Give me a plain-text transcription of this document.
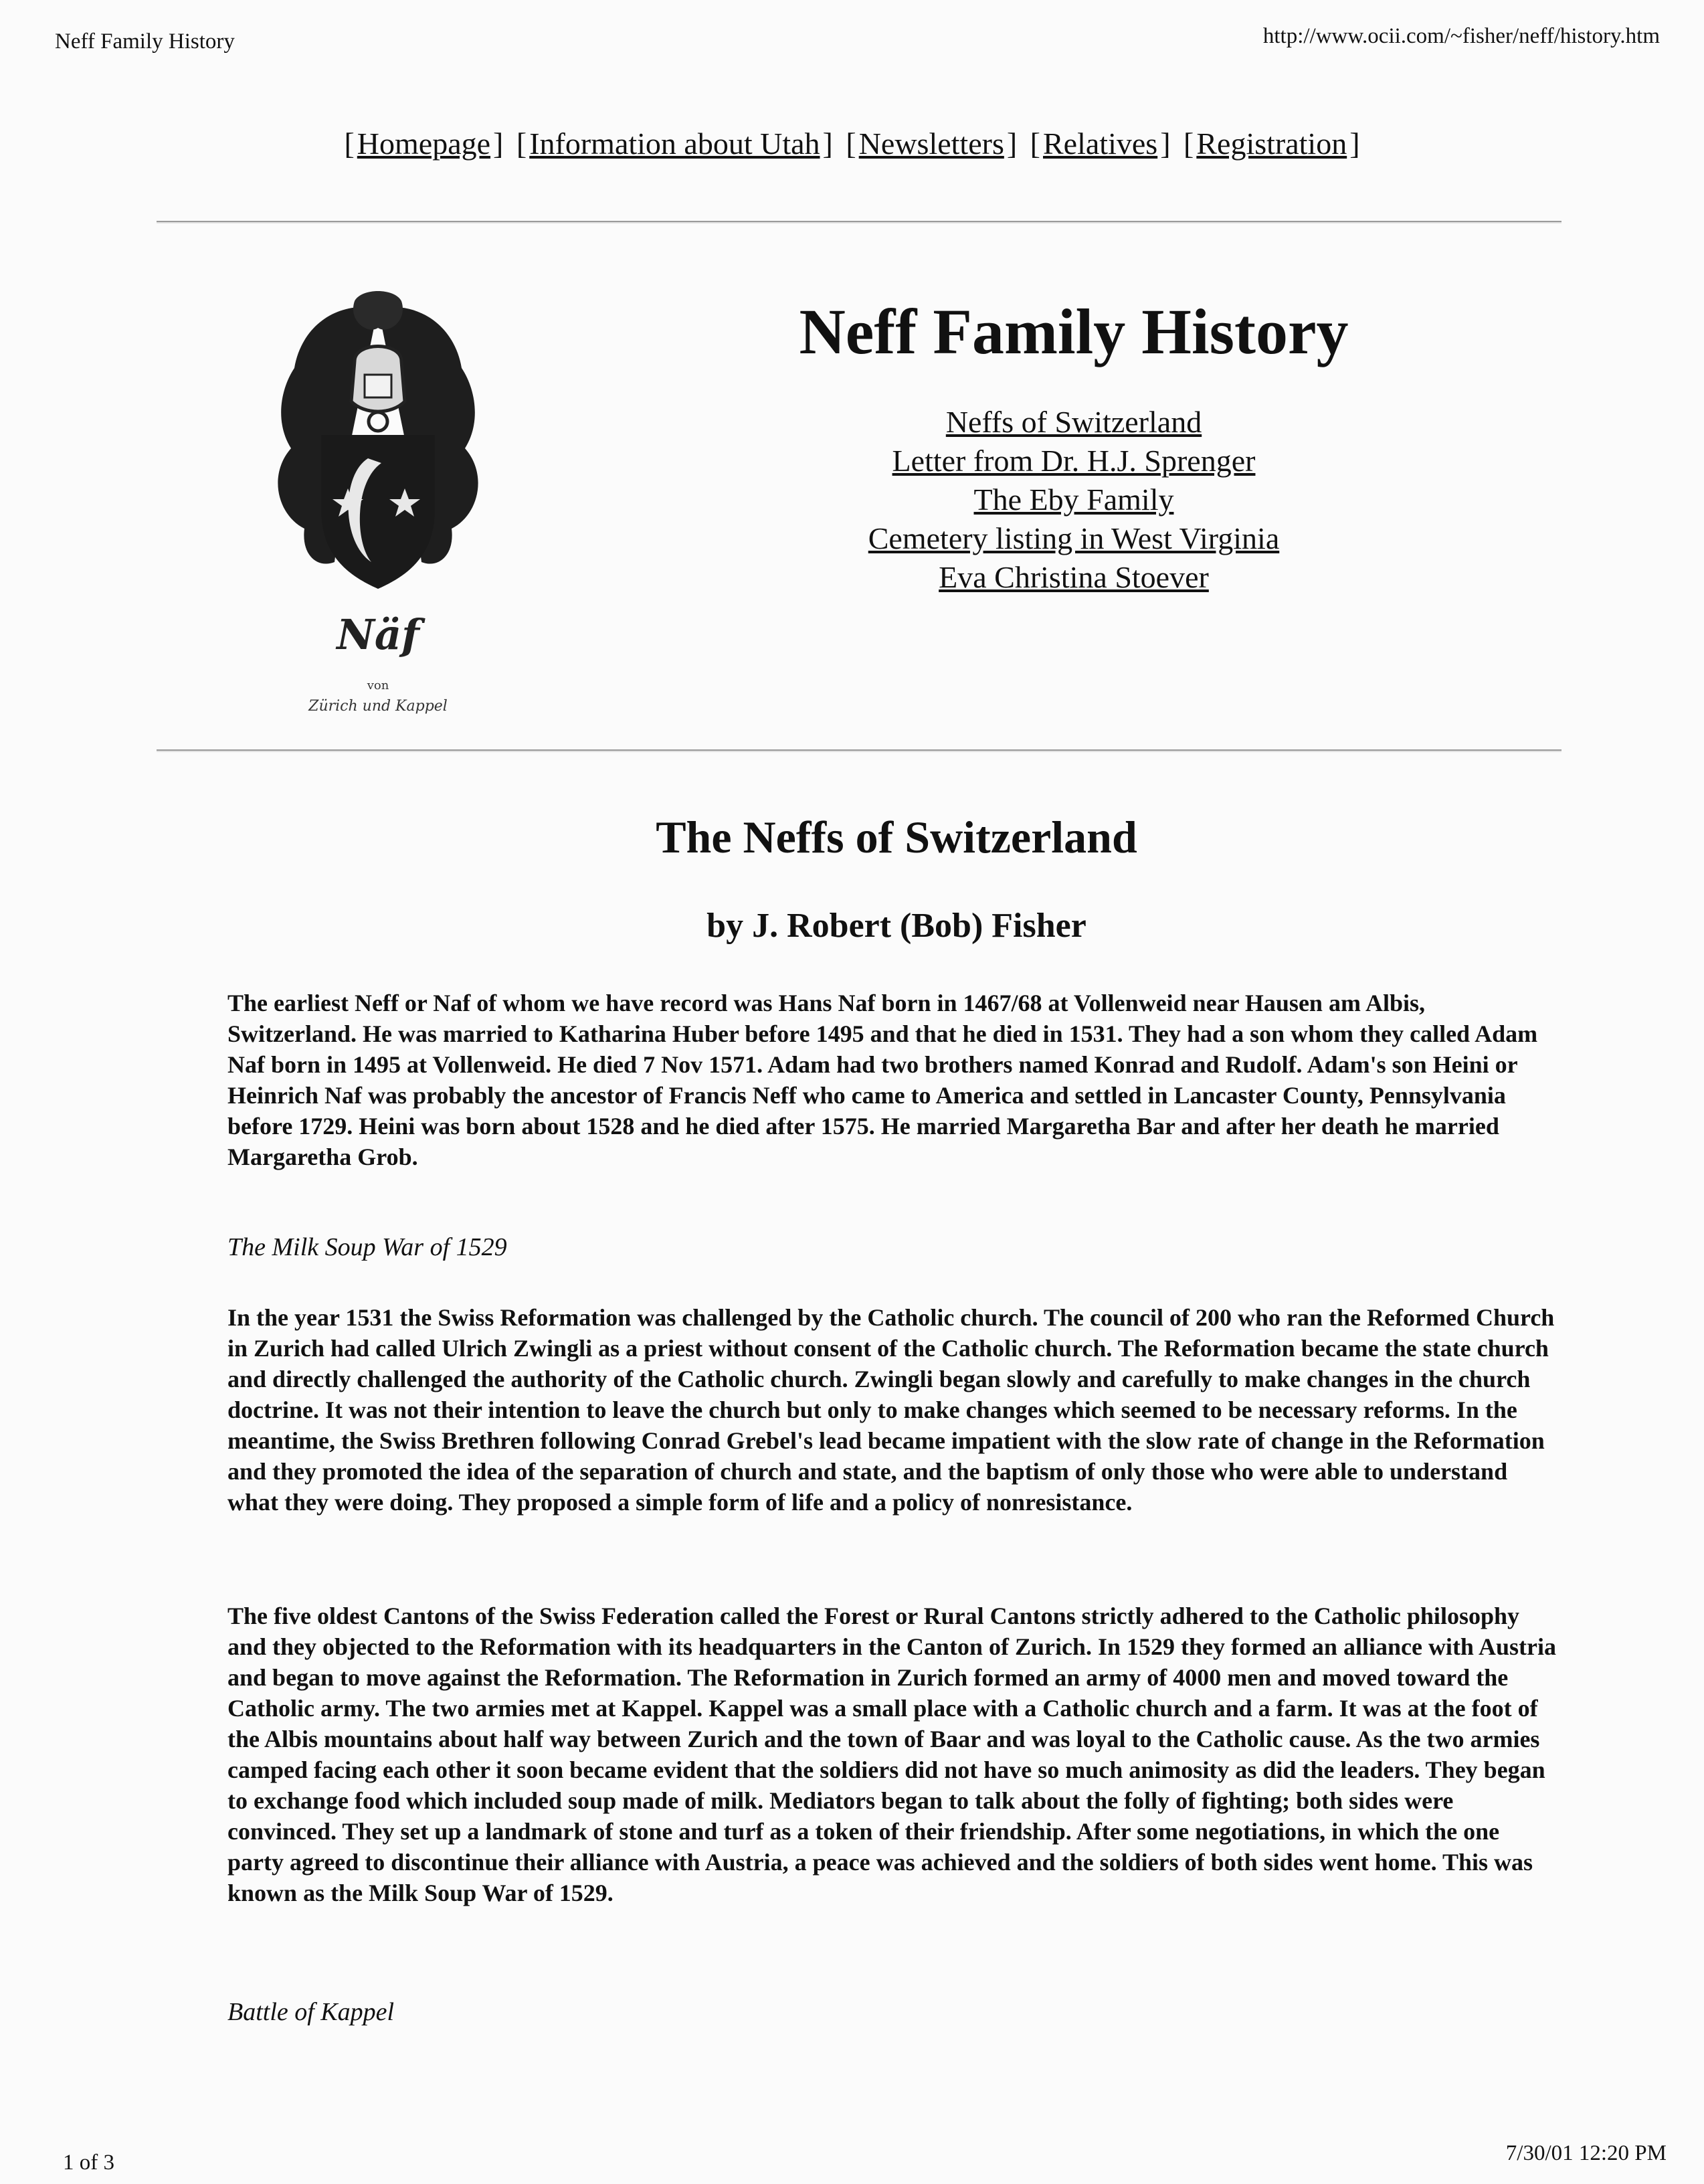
Neff Family History	http://www.ocii.com/~fisher/neff/history.htm
[Homepage] [Information about Utah] [Newsletters] [Relatives] [Registration]
Näf
von
Zürich und Kappel
Neff Family History
Neffs of Switzerland
Letter from Dr. H.J. Sprenger
The Eby Family
Cemetery listing in West Virginia
Eva Christina Stoever
The Neffs of Switzerland
by J. Robert (Bob) Fisher

The earliest Neff or Naf of whom we have record was Hans Naf born in 1467/68 at Vollenweid near Hausen am Albis, Switzerland. He was married to Katharina Huber before 1495 and that he died in 1531. They had a son whom they called Adam Naf born in 1495 at Vollenweid. He died 7 Nov 1571. Adam had two brothers named Konrad and Rudolf. Adam's son Heini or Heinrich Naf was probably the ancestor of Francis Neff who came to America and settled in Lancaster County, Pennsylvania before 1729. Heini was born about 1528 and he died after 1575. He married Margaretha Bar and after her death he married Margaretha Grob.

The Milk Soup War of 1529

In the year 1531 the Swiss Reformation was challenged by the Catholic church. The council of 200 who ran the Reformed Church in Zurich had called Ulrich Zwingli as a priest without consent of the Catholic church. The Reformation became the state church and directly challenged the authority of the Catholic church. Zwingli began slowly and carefully to make changes in the church doctrine. It was not their intention to leave the church but only to make changes which seemed to be necessary reforms. In the meantime, the Swiss Brethren following Conrad Grebel's lead became impatient with the slow rate of change in the Reformation and they promoted the idea of the separation of church and state, and the baptism of only those who were able to understand what they were doing. They proposed a simple form of life and a policy of nonresistance.

The five oldest Cantons of the Swiss Federation called the Forest or Rural Cantons strictly adhered to the Catholic philosophy and they objected to the Reformation with its headquarters in the Canton of Zurich. In 1529 they formed an alliance with Austria and began to move against the Reformation. The Reformation in Zurich formed an army of 4000 men and moved toward the Catholic army. The two armies met at Kappel. Kappel was a small place with a Catholic church and a farm. It was at the foot of the Albis mountains about half way between Zurich and the town of Baar and was loyal to the Catholic cause. As the two armies camped facing each other it soon became evident that the soldiers did not have so much animosity as did the leaders. They began to exchange food which included soup made of milk. Mediators began to talk about the folly of fighting; both sides were convinced. They set up a landmark of stone and turf as a token of their friendship. After some negotiations, in which the one party agreed to discontinue their alliance with Austria, a peace was achieved and the soldiers of both sides went home. This was known as the Milk Soup War of 1529.

Battle of Kappel
1 of 3	7/30/01 12:20 PM
